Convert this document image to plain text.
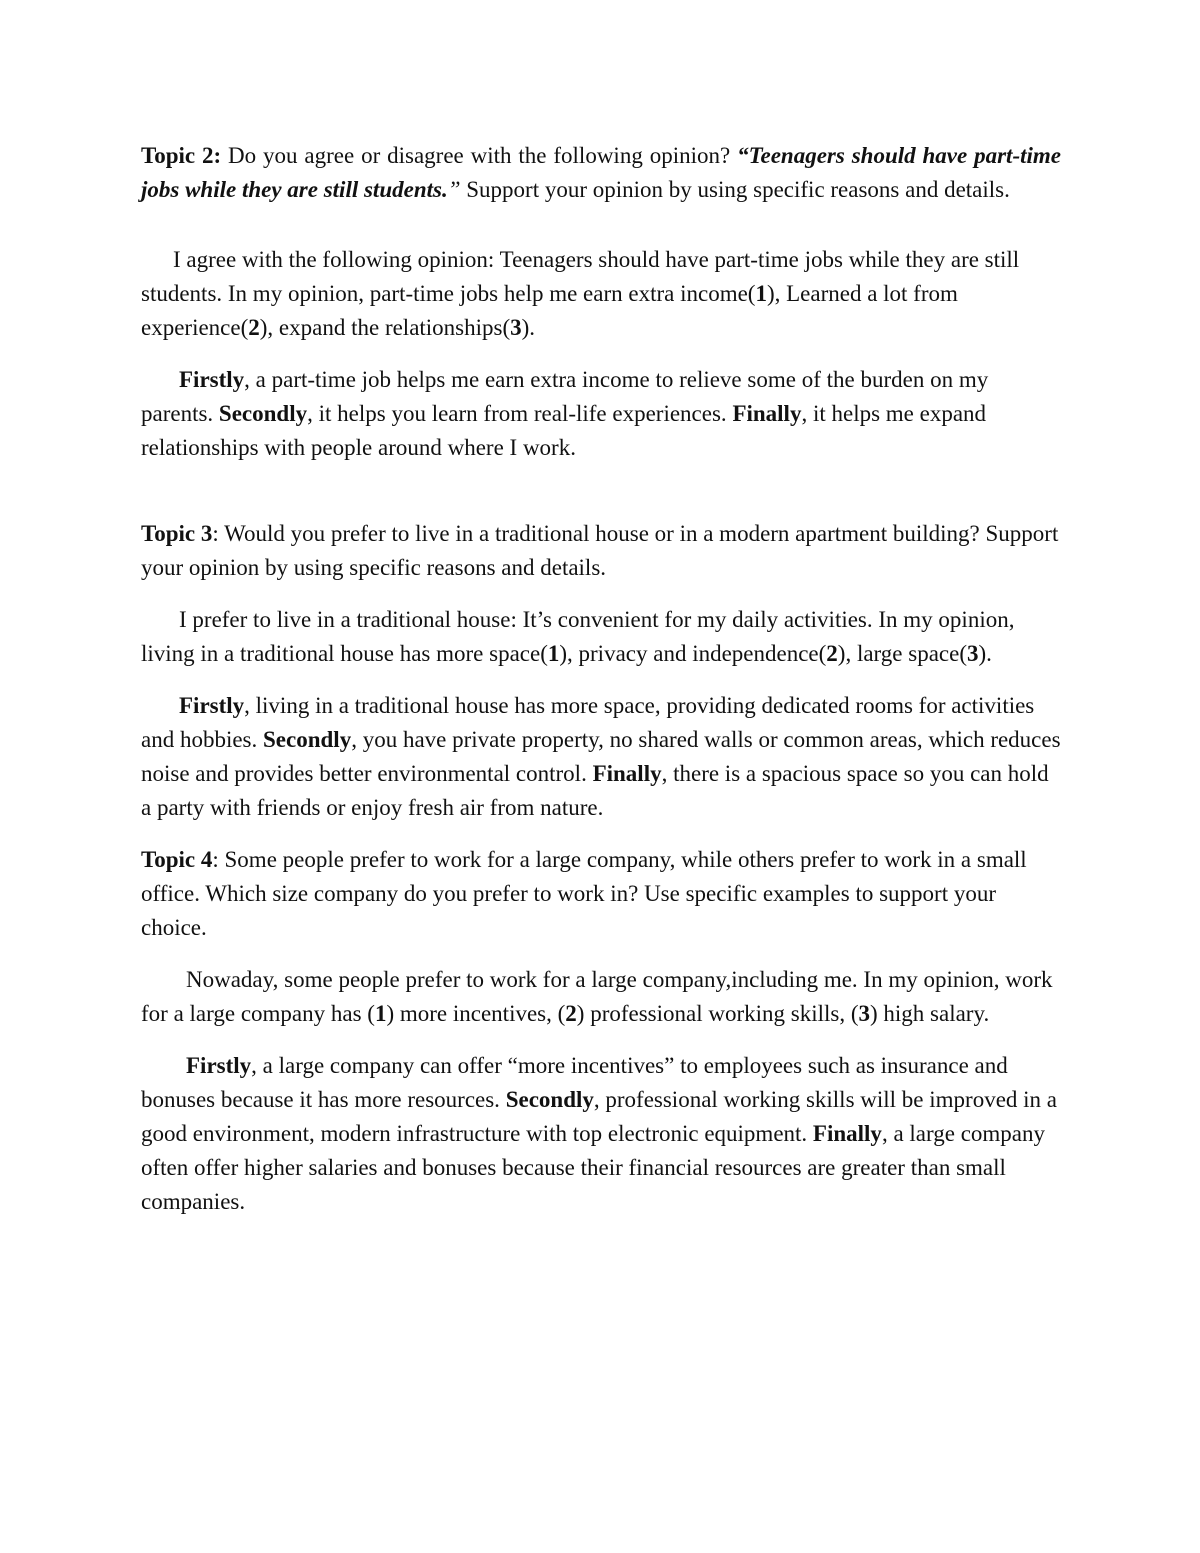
Topic 2: Do you agree or disagree with the following opinion? “Teenagers should have part-time jobs while they are still students.” Support your opinion by using specific reasons and details.

I agree with the following opinion: Teenagers should have part-time jobs while they are still students. In my opinion, part-time jobs help me earn extra income(1), Learned a lot from experience(2), expand the relationships(3).

Firstly, a part-time job helps me earn extra income to relieve some of the burden on my parents. Secondly, it helps you learn from real-life experiences. Finally, it helps me expand relationships with people around where I work.

Topic 3: Would you prefer to live in a traditional house or in a modern apartment building? Support your opinion by using specific reasons and details.

I prefer to live in a traditional house: It’s convenient for my daily activities. In my opinion, living in a traditional house has more space(1), privacy and independence(2), large space(3).

Firstly, living in a traditional house has more space, providing dedicated rooms for activities and hobbies. Secondly, you have private property, no shared walls or common areas, which reduces noise and provides better environmental control. Finally, there is a spacious space so you can hold a party with friends or enjoy fresh air from nature.

Topic 4: Some people prefer to work for a large company, while others prefer to work in a small office. Which size company do you prefer to work in? Use specific examples to support your choice.

Nowaday, some people prefer to work for a large company,including me. In my opinion, work for a large company has (1) more incentives, (2) professional working skills, (3) high salary.

Firstly, a large company can offer “more incentives” to employees such as insurance and bonuses because it has more resources. Secondly, professional working skills will be improved in a good environment, modern infrastructure with top electronic equipment. Finally, a large company often offer higher salaries and bonuses because their financial resources are greater than small companies.
